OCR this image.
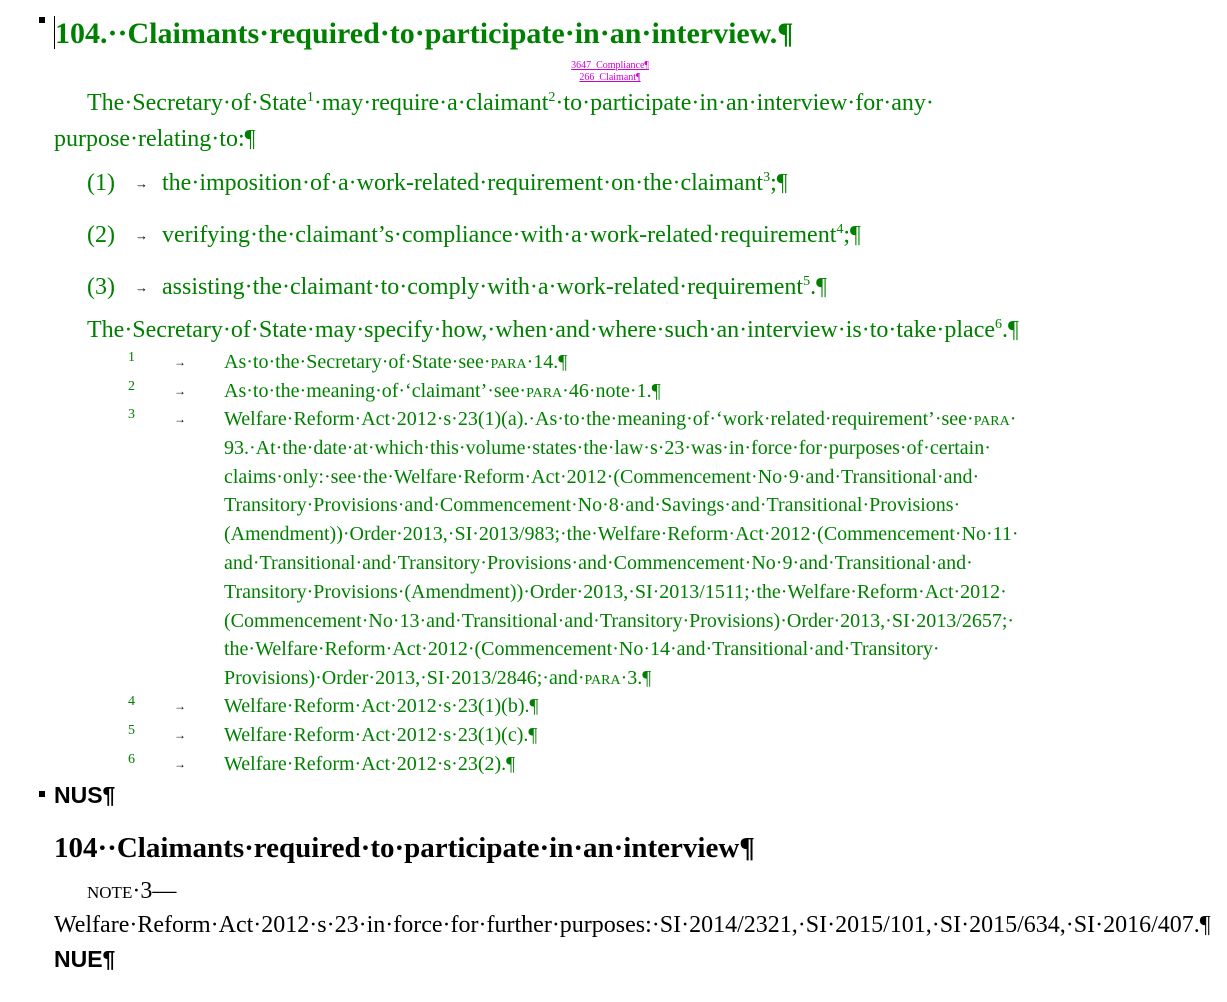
104.··Claimants·required·to·participate·in·an·interview.¶
3647_Compliance¶
266_Claimant¶
The·Secretary·of·State$^1$·may·require·a·claimant$^2$·to·participate·in·an·interview·for·any·
purpose·relating·to:¶
(1) → the·imposition·of·a·work-related·requirement·on·the·claimant$^3$;¶
(2) → verifying·the·claimant’s·compliance·with·a·work-related·requirement$^4$;¶
(3) → assisting·the·claimant·to·comply·with·a·work-related·requirement$^5$.¶
The·Secretary·of·State·may·specify·how,·when·and·where·such·an·interview·is·to·take·place$^6$.¶
1	→ As·to·the·Secretary·of·State·see·para·14.¶
2	→ As·to·the·meaning·of·‘claimant’·see·para·46·note·1.¶
3	→ Welfare·Reform·Act·2012·s·23(1)(a).·As·to·the·meaning·of·‘work·related·requirement’·see·para·
93.·At·the·date·at·which·this·volume·states·the·law·s·23·was·in·force·for·purposes·of·certain·
claims·only:·see·the·Welfare·Reform·Act·2012·(Commencement·No·9·and·Transitional·and·
Transitory·Provisions·and·Commencement·No·8·and·Savings·and·Transitional·Provisions·
(Amendment))·Order·2013,·SI·2013/983;·the·Welfare·Reform·Act·2012·(Commencement·No·11·
and·Transitional·and·Transitory·Provisions·and·Commencement·No·9·and·Transitional·and·
Transitory·Provisions·(Amendment))·Order·2013,·SI·2013/1511;·the·Welfare·Reform·Act·2012·
(Commencement·No·13·and·Transitional·and·Transitory·Provisions)·Order·2013,·SI·2013/2657;·
the·Welfare·Reform·Act·2012·(Commencement·No·14·and·Transitional·and·Transitory·
Provisions)·Order·2013,·SI·2013/2846;·and·para·3.¶
4	→ Welfare·Reform·Act·2012·s·23(1)(b).¶
5	→ Welfare·Reform·Act·2012·s·23(1)(c).¶
6	→ Welfare·Reform·Act·2012·s·23(2).¶
NUS¶
104··Claimants·required·to·participate·in·an·interview¶
note·3—Welfare·Reform·Act·2012·s·23·in·force·for·further·purposes:·SI·2014/2321,·SI·2015/101,·SI·2015/634,·SI·2016/407.¶
NUE¶
